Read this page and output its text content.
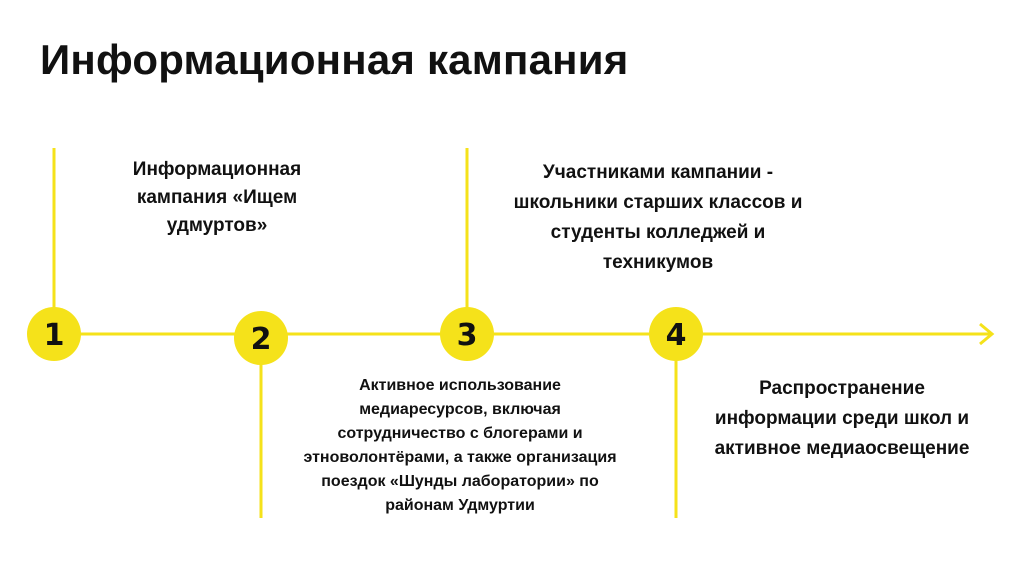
Информационная кампания
1	2	3	4
Информационная кампания «Ищем удмуртов»
Активное использование медиаресурсов, включая сотрудничество с блогерами и этноволонтёрами, а также организация поездок «Шунды лаборатории» по районам Удмуртии
Участниками кампании - школьники старших классов и студенты колледжей и техникумов
Распространение информации среди школ и активное медиаосвещение
